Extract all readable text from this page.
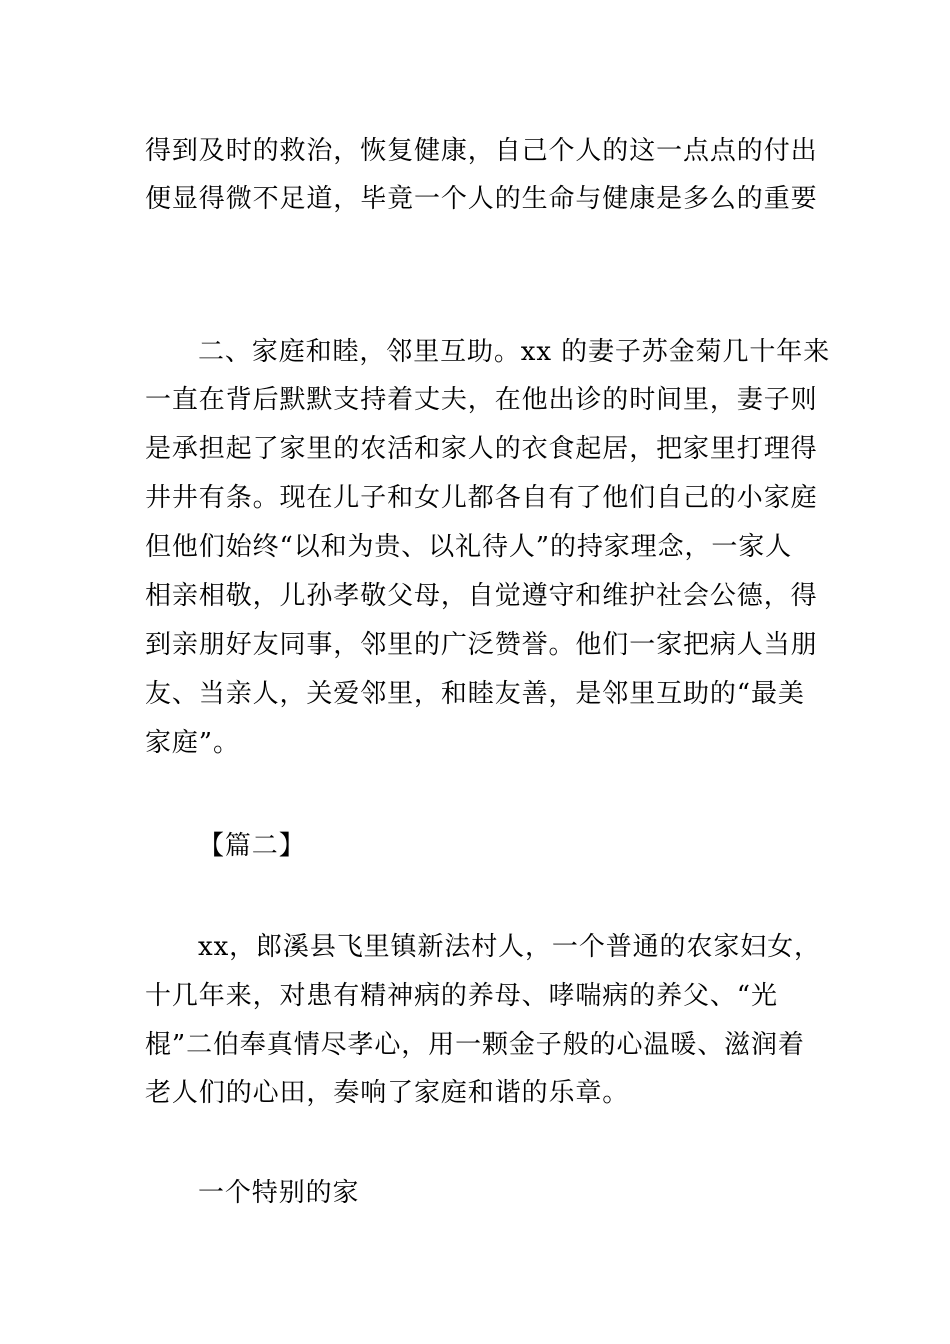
得到及时的救治，恢复健康，自己个人的这一点点的付出
便显得微不足道，毕竟一个人的生命与健康是多么的重要
二、家庭和睦，邻里互助。xx 的妻子苏金菊几十年来
一直在背后默默支持着丈夫，在他出诊的时间里，妻子则
是承担起了家里的农活和家人的衣食起居，把家里打理得
井井有条。现在儿子和女儿都各自有了他们自己的小家庭
但他们始终“以和为贵、以礼待人”的持家理念，一家人
相亲相敬，儿孙孝敬父母，自觉遵守和维护社会公德，得
到亲朋好友同事，邻里的广泛赞誉。他们一家把病人当朋
友、当亲人，关爱邻里，和睦友善，是邻里互助的“最美
家庭”。
【篇二】
xx，郎溪县飞里镇新法村人，一个普通的农家妇女，
十几年来，对患有精神病的养母、哮喘病的养父、“光
棍”二伯奉真情尽孝心，用一颗金子般的心温暖、滋润着
老人们的心田，奏响了家庭和谐的乐章。
一个特别的家
